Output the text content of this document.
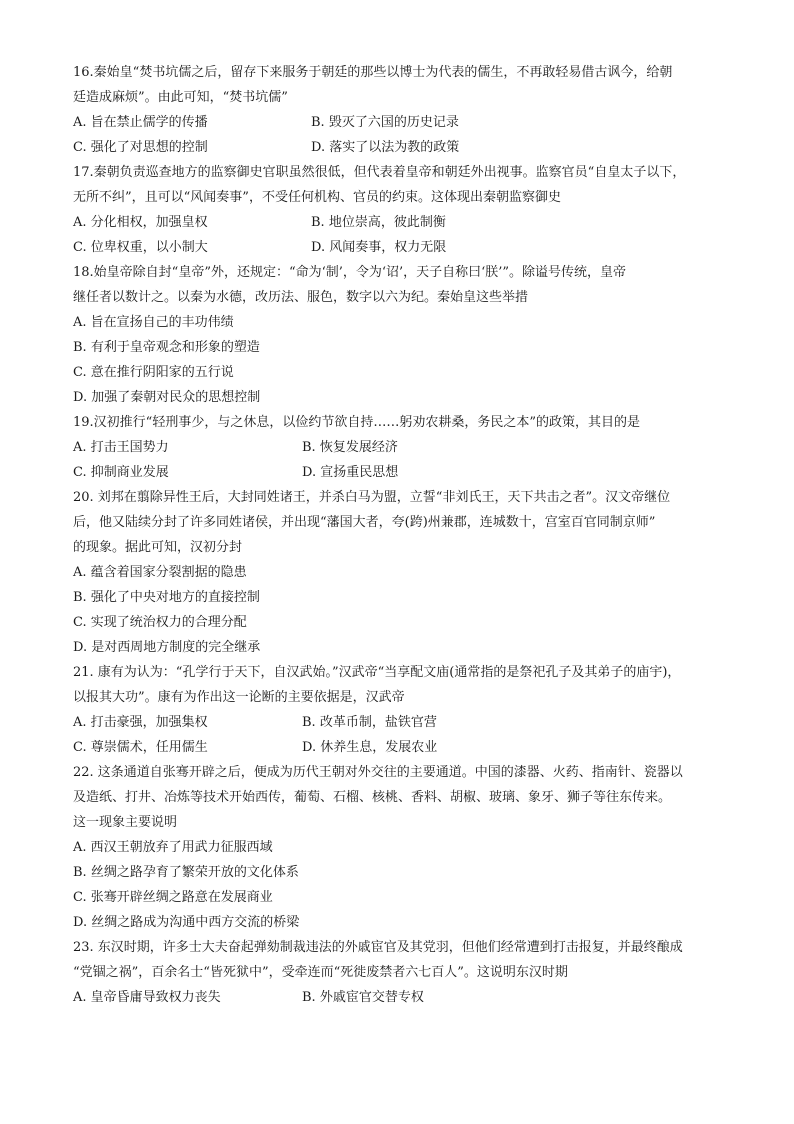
16.秦始皇“焚书坑儒之后，留存下来服务于朝廷的那些以博士为代表的儒生，不再敢轻易借古讽今，给朝
廷造成麻烦”。由此可知，“焚书坑儒”
A. 旨在禁止儒学的传播	B. 毁灭了六国的历史记录
C. 强化了对思想的控制	D. 落实了以法为教的政策
17.秦朝负责巡查地方的监察御史官职虽然很低，但代表着皇帝和朝廷外出视事。监察官员“自皇太子以下，
无所不纠”，且可以“风闻奏事”，不受任何机构、官员的约束。这体现出秦朝监察御史
A. 分化相权，加强皇权	B. 地位崇高，彼此制衡
C. 位卑权重，以小制大	D. 风闻奏事，权力无限
18.始皇帝除自封“皇帝”外，还规定：“命为‘制’，令为‘诏’，天子自称曰‘朕’”。除谥号传统，皇帝
继任者以数计之。以秦为水德，改历法、服色，数字以六为纪。秦始皇这些举措
A. 旨在宣扬自己的丰功伟绩
B. 有利于皇帝观念和形象的塑造
C. 意在推行阴阳家的五行说
D. 加强了秦朝对民众的思想控制
19.汉初推行“轻刑事少，与之休息，以俭约节欲自持……躬劝农耕桑，务民之本”的政策，其目的是
A. 打击王国势力	B. 恢复发展经济
C. 抑制商业发展	D. 宣扬重民思想
20. 刘邦在翦除异性王后，大封同姓诸王，并杀白马为盟，立誓“非刘氏王，天下共击之者”。汉文帝继位
后，他又陆续分封了许多同姓诸侯，并出现“藩国大者，夸(跨)州兼郡，连城数十，宫室百官同制京师”
的现象。据此可知，汉初分封
A. 蕴含着国家分裂割据的隐患
B. 强化了中央对地方的直接控制
C. 实现了统治权力的合理分配
D. 是对西周地方制度的完全继承
21. 康有为认为：“孔学行于天下，自汉武始。”汉武帝“当享配文庙(通常指的是祭祀孔子及其弟子的庙宇)，
以报其大功”。康有为作出这一论断的主要依据是，汉武帝
A. 打击豪强，加强集权	B. 改革币制，盐铁官营
C. 尊崇儒术，任用儒生	D. 休养生息，发展农业
22. 这条通道自张骞开辟之后，便成为历代王朝对外交往的主要通道。中国的漆器、火药、指南针、瓷器以
及造纸、打井、冶炼等技术开始西传，葡萄、石榴、核桃、香料、胡椒、玻璃、象牙、狮子等往东传来。
这一现象主要说明
A. 西汉王朝放弃了用武力征服西域
B. 丝绸之路孕育了繁荣开放的文化体系
C. 张骞开辟丝绸之路意在发展商业
D. 丝绸之路成为沟通中西方交流的桥梁
23. 东汉时期，许多士大夫奋起弹劾制裁违法的外戚宦官及其党羽，但他们经常遭到打击报复，并最终酿成
“党锢之祸”，百余名士“皆死狱中”，受牵连而“死徙废禁者六七百人”。这说明东汉时期
A. 皇帝昏庸导致权力丧失	B. 外戚宦官交替专权
